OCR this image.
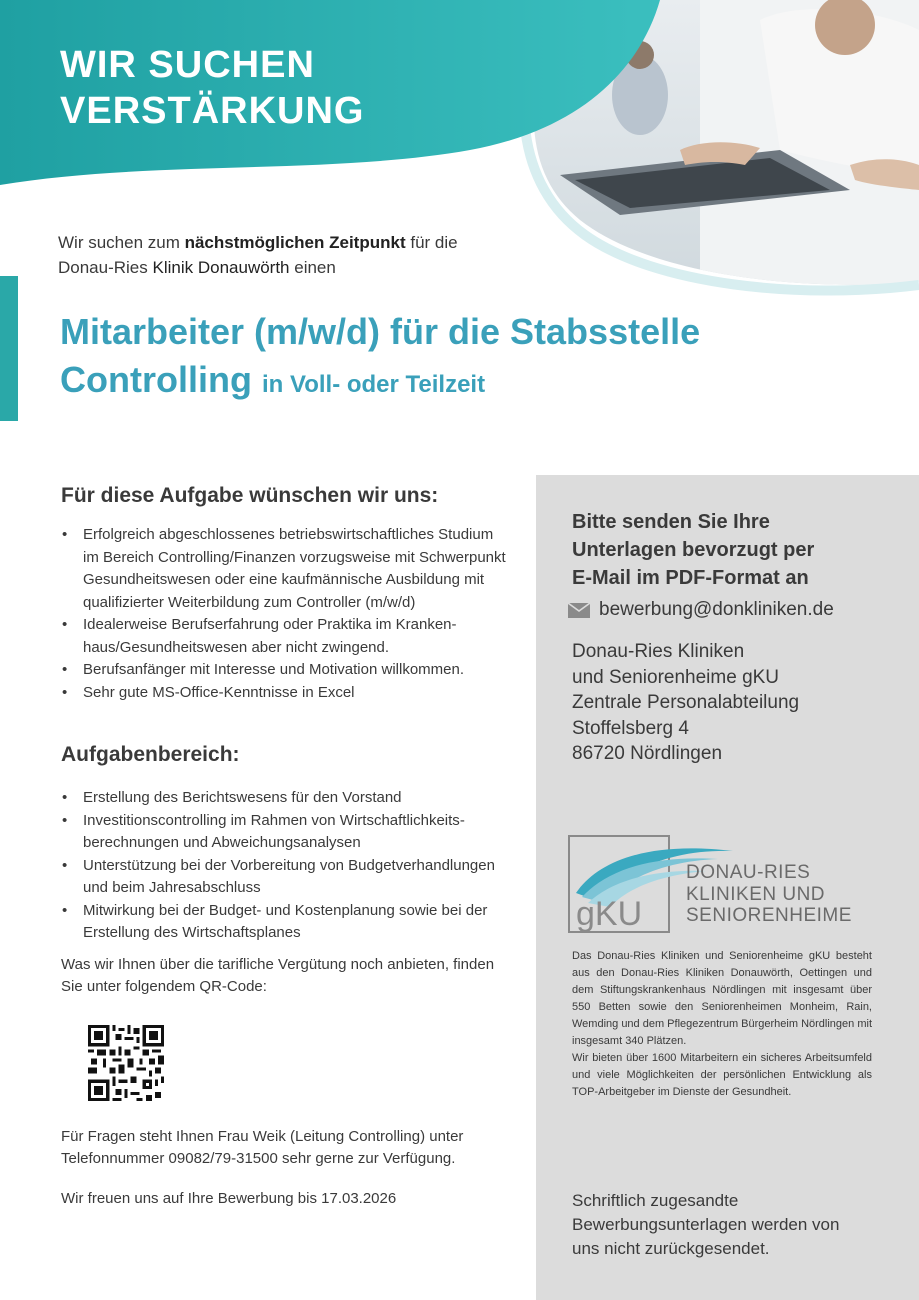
WIR SUCHEN
VERSTÄRKUNG
Wir suchen zum nächstmöglichen Zeitpunkt für die
Donau-Ries Klinik Donauwörth einen
Mitarbeiter (m/w/d) für die Stabsstelle
Controlling in Voll- oder Teilzeit
Für diese Aufgabe wünschen wir uns:
• Erfolgreich abgeschlossenes betriebswirtschaftliches Studium im Bereich Controlling/Finanzen vorzugsweise mit Schwerpunkt Gesundheitswesen oder eine kaufmännische Ausbildung mit qualifizierter Weiterbildung zum Controller (m/w/d)
• Idealerweise Berufserfahrung oder Praktika im Krankenhaus/Gesundheitswesen aber nicht zwingend.
• Berufsanfänger mit Interesse und Motivation willkommen.
• Sehr gute MS-Office-Kenntnisse in Excel
Aufgabenbereich:
• Erstellung des Berichtswesens für den Vorstand
• Investitionscontrolling im Rahmen von Wirtschaftlichkeitsberechnungen und Abweichungsanalysen
• Unterstützung bei der Vorbereitung von Budgetverhandlungen und beim Jahresabschluss
• Mitwirkung bei der Budget- und Kostenplanung sowie bei der Erstellung des Wirtschaftsplanes

Was wir Ihnen über die tarifliche Vergütung noch anbieten, finden Sie unter folgendem QR-Code:

Für Fragen steht Ihnen Frau Weik (Leitung Controlling) unter Telefonnummer 09082/79-31500 sehr gerne zur Verfügung.

Wir freuen uns auf Ihre Bewerbung bis 17.03.2026

Bitte senden Sie Ihre
Unterlagen bevorzugt per
E-Mail im PDF-Format an
bewerbung@donkliniken.de
Donau-Ries Kliniken
und Seniorenheime gKU
Zentrale Personalabteilung
Stoffelsberg 4
86720 Nördlingen
gKU
DONAU-RIES
KLINIKEN UND
SENIORENHEIME

Das Donau-Ries Kliniken und Seniorenheime gKU besteht aus den Donau-Ries Kliniken Donauwörth, Oettingen und dem Stiftungskrankenhaus Nördlingen mit insgesamt über 550 Betten sowie den Seniorenheimen Monheim, Rain, Wemding und dem Pflegezentrum Bürgerheim Nördlingen mit insgesamt 340 Plätzen.

Wir bieten über 1600 Mitarbeitern ein sicheres Arbeitsumfeld und viele Möglichkeiten der persönlichen Entwicklung als TOP-Arbeitgeber im Dienste der Gesundheit.

Schriftlich zugesandte
Bewerbungsunterlagen werden von
uns nicht zurückgesendet.
